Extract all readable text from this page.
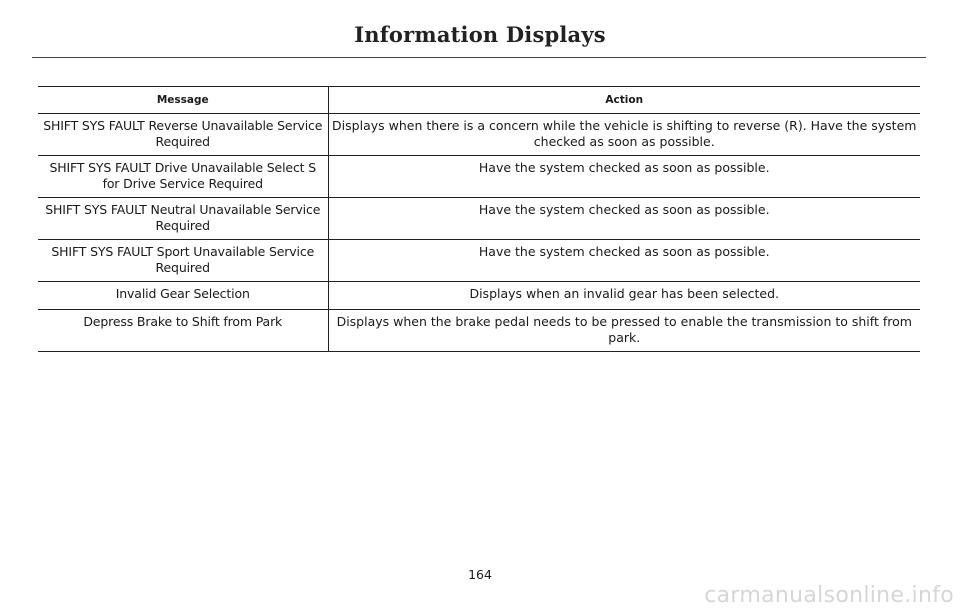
Information Displays
Message	Action
SHIFT SYS FAULT Reverse Unavailable Service Required	Displays when there is a concern while the vehicle is shifting to reverse (R). Have the system checked as soon as possible.
SHIFT SYS FAULT Drive Unavailable Select S for Drive Service Required	Have the system checked as soon as possible.
SHIFT SYS FAULT Neutral Unavailable Service Required	Have the system checked as soon as possible.
SHIFT SYS FAULT Sport Unavailable Service Required	Have the system checked as soon as possible.
Invalid Gear Selection	Displays when an invalid gear has been selected.
Depress Brake to Shift from Park	Displays when the brake pedal needs to be pressed to enable the transmission to shift from park.
164
carmanualsonline.info
